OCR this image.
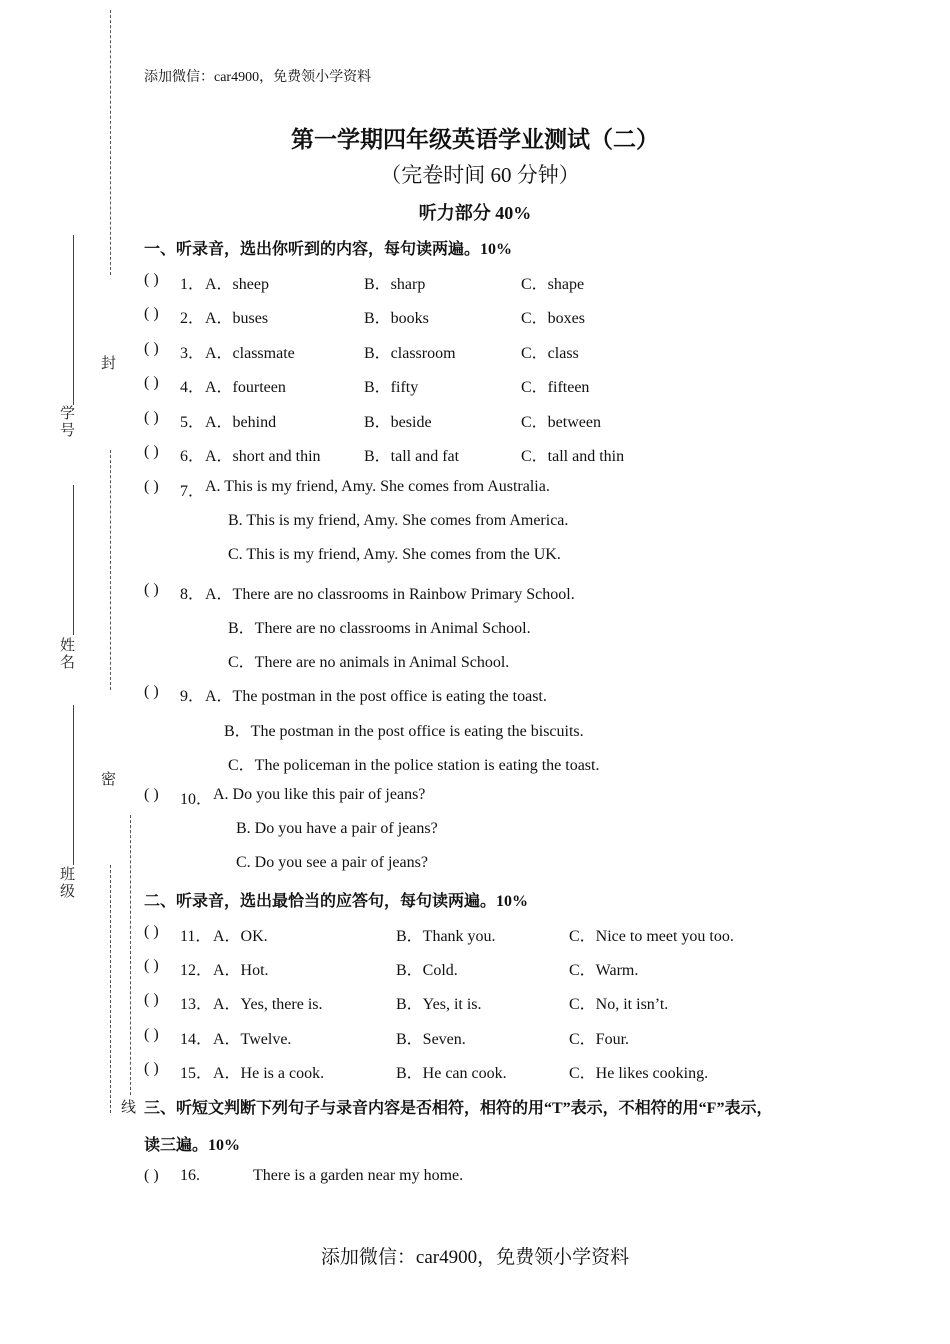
学号
姓名
班级
封
密
线
添加微信：car4900，免费领小学资料
第一学期四年级英语学业测试（二）
（完卷时间 60 分钟）
听力部分 40%
一、听录音，选出你听到的内容，每句读两遍。10%
( ) 1． A．sheep	B．sharp	C．shape
( ) 2． A．buses	B．books	C．boxes
( ) 3． A．classmate	B．classroom	C．class
( ) 4． A．fourteen	B．fifty	C．fifteen
( ) 5． A．behind	B．beside	C．between
( ) 6． A．short and thin	B．tall and fat	C．tall and thin
( ) 7． A. This is my friend, Amy. She comes from Australia.
B. This is my friend, Amy. She comes from America.
C. This is my friend, Amy. She comes from the UK.
( ) 8． A．There are no classrooms in Rainbow Primary School.
B．There are no classrooms in Animal School.
C．There are no animals in Animal School.
( ) 9． A．The postman in the post office is eating the toast.
B．The postman in the post office is eating the biscuits.
C．The policeman in the police station is eating the toast.
( ) 10． A. Do you like this pair of jeans?
B. Do you have a pair of jeans?
C. Do you see a pair of jeans?
二、听录音，选出最恰当的应答句，每句读两遍。10%
( ) 11． A．OK.	B．Thank you.	C．Nice to meet you too.
( ) 12． A．Hot.	B．Cold.	C．Warm.
( ) 13． A．Yes, there is.	B．Yes, it is.	C．No, it isn’t.
( ) 14． A．Twelve.	B．Seven.	C．Four.
( ) 15． A．He is a cook.	B．He can cook.	C．He likes cooking.
三、听短文判断下列句子与录音内容是否相符，相符的用“T”表示，不相符的用“F”表示，
读三遍。10%
( ) 16.	There is a garden near my home.
添加微信：car4900，免费领小学资料
